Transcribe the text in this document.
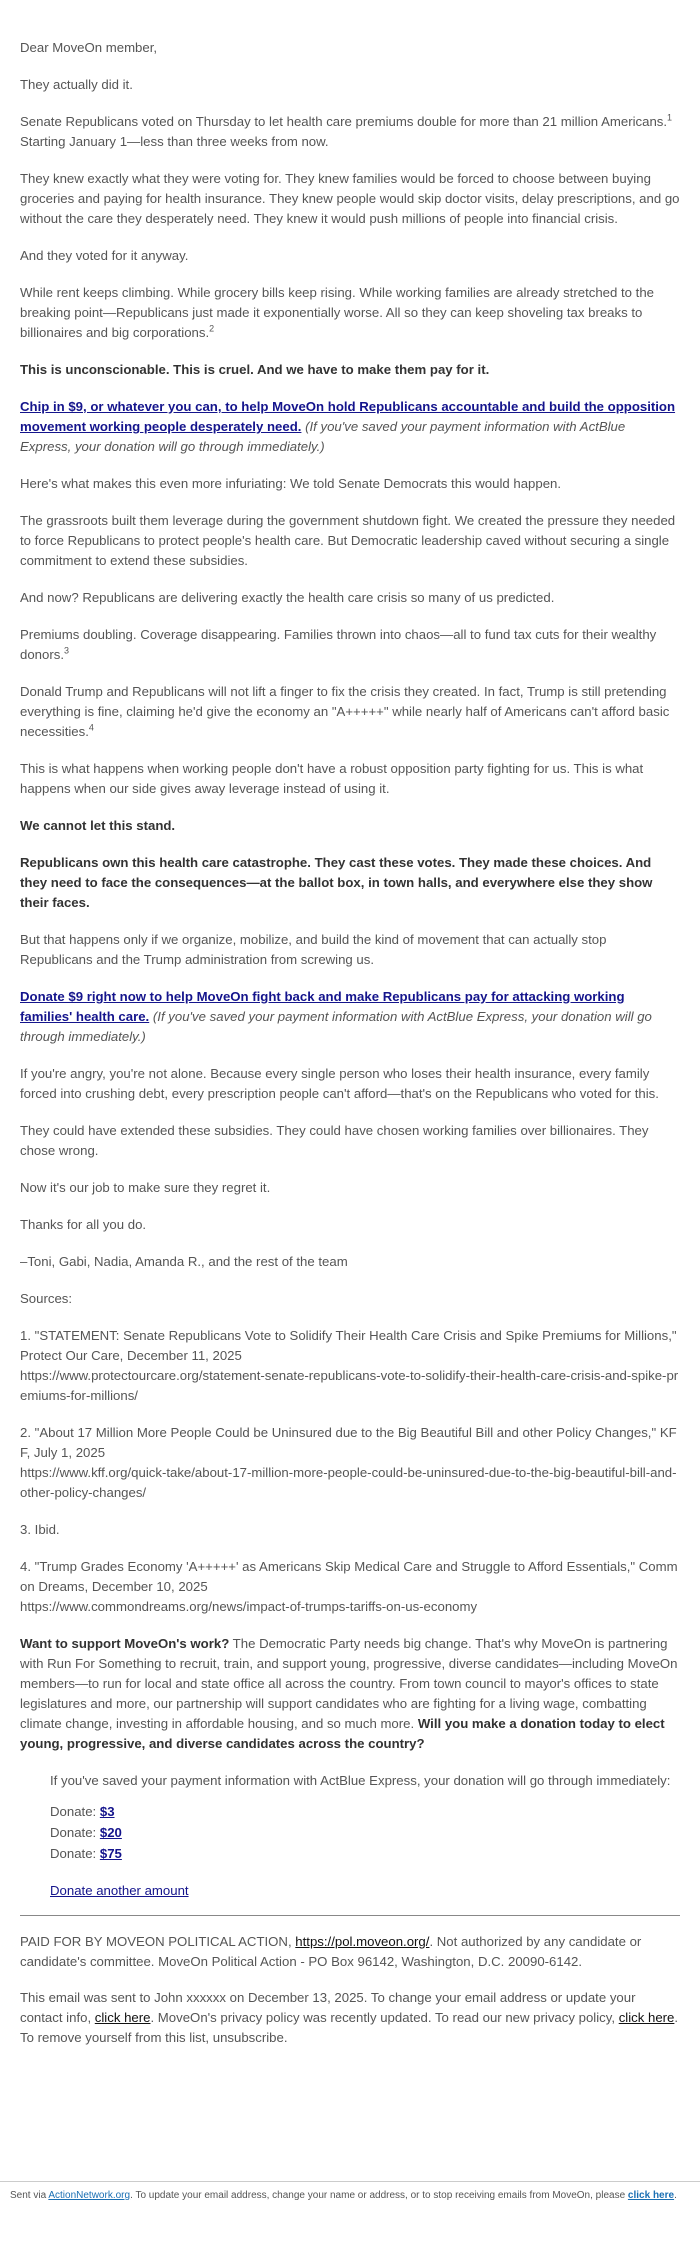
Dear MoveOn member,

They actually did it.

Senate Republicans voted on Thursday to let health care premiums double for more than 21 million Americans.$^1$ Starting January 1—less than three weeks from now.

They knew exactly what they were voting for. They knew families would be forced to choose between buying groceries and paying for health insurance. They knew people would skip doctor visits, delay prescriptions, and go without the care they desperately need. They knew it would push millions of people into financial crisis.

And they voted for it anyway.

While rent keeps climbing. While grocery bills keep rising. While working families are already stretched to the breaking point—Republicans just made it exponentially worse. All so they can keep shoveling tax breaks to billionaires and big corporations.$^2$

This is unconscionable. This is cruel. And we have to make them pay for it.

Chip in $9, or whatever you can, to help MoveOn hold Republicans accountable and build the opposition movement working people desperately need. (If you've saved your payment information with ActBlue Express, your donation will go through immediately.)

Here's what makes this even more infuriating: We told Senate Democrats this would happen.

The grassroots built them leverage during the government shutdown fight. We created the pressure they needed to force Republicans to protect people's health care. But Democratic leadership caved without securing a single commitment to extend these subsidies.

And now? Republicans are delivering exactly the health care crisis so many of us predicted.

Premiums doubling. Coverage disappearing. Families thrown into chaos—all to fund tax cuts for their wealthy donors.$^3$

Donald Trump and Republicans will not lift a finger to fix the crisis they created. In fact, Trump is still pretending everything is fine, claiming he'd give the economy an "A+++++" while nearly half of Americans can't afford basic necessities.$^4$

This is what happens when working people don't have a robust opposition party fighting for us. This is what happens when our side gives away leverage instead of using it.

We cannot let this stand.

Republicans own this health care catastrophe. They cast these votes. They made these choices. And they need to face the consequences—at the ballot box, in town halls, and everywhere else they show their faces.

But that happens only if we organize, mobilize, and build the kind of movement that can actually stop Republicans and the Trump administration from screwing us.

Donate $9 right now to help MoveOn fight back and make Republicans pay for attacking working families' health care. (If you've saved your payment information with ActBlue Express, your donation will go through immediately.)

If you're angry, you're not alone. Because every single person who loses their health insurance, every family forced into crushing debt, every prescription people can't afford—that's on the Republicans who voted for this.

They could have extended these subsidies. They could have chosen working families over billionaires. They chose wrong.

Now it's our job to make sure they regret it.

Thanks for all you do.

–Toni, Gabi, Nadia, Amanda R., and the rest of the team

Sources:

1. "STATEMENT: Senate Republicans Vote to Solidify Their Health Care Crisis and Spike Premiums for Millions," Protect Our Care, December 11, 2025
https://www.protectourcare.org/statement-senate-republicans-vote-to-solidify-their-health-care-crisis-and-spike-premiums-for-millions/

2. "About 17 Million More People Could be Uninsured due to the Big Beautiful Bill and other Policy Changes," KFF, July 1, 2025
https://www.kff.org/quick-take/about-17-million-more-people-could-be-uninsured-due-to-the-big-beautiful-bill-and-other-policy-changes/

3. Ibid.

4. "Trump Grades Economy 'A+++++' as Americans Skip Medical Care and Struggle to Afford Essentials," Common Dreams, December 10, 2025
https://www.commondreams.org/news/impact-of-trumps-tariffs-on-us-economy

Want to support MoveOn's work? The Democratic Party needs big change. That's why MoveOn is partnering with Run For Something to recruit, train, and support young, progressive, diverse candidates—including MoveOn members—to run for local and state office all across the country. From town council to mayor's offices to state legislatures and more, our partnership will support candidates who are fighting for a living wage, combatting climate change, investing in affordable housing, and so much more. Will you make a donation today to elect young, progressive, and diverse candidates across the country?

If you've saved your payment information with ActBlue Express, your donation will go through immediately:

Donate: $3
Donate: $20
Donate: $75
Donate another amount

PAID FOR BY MOVEON POLITICAL ACTION, https://pol.moveon.org/. Not authorized by any candidate or candidate's committee. MoveOn Political Action - PO Box 96142, Washington, D.C. 20090-6142.

This email was sent to John xxxxxx on December 13, 2025. To change your email address or update your contact info, click here. MoveOn's privacy policy was recently updated. To read our new privacy policy, click here. To remove yourself from this list, unsubscribe.

Sent via ActionNetwork.org. To update your email address, change your name or address, or to stop receiving emails from MoveOn, please click here.
